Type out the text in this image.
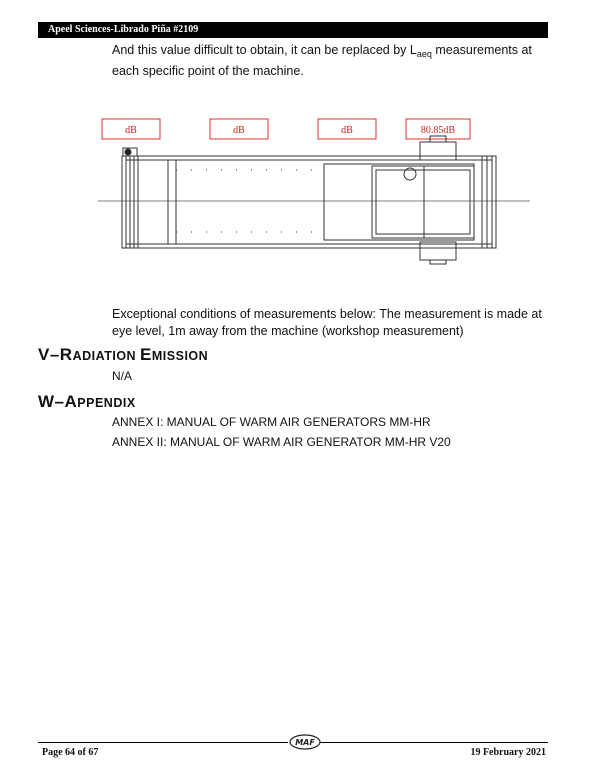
Apeel Sciences-Librado Piña #2109
And this value difficult to obtain, it can be replaced by $L_{aeq}$ measurements at each specific point of the machine.
dB	dB	dB	80.85dB
Exceptional conditions of measurements below: The measurement is made at eye level, 1m away from the machine (workshop measurement)
V–RADIATION EMISSION
N/A
W–APPENDIX
ANNEX I: MANUAL OF WARM AIR GENERATORS MM-HR
ANNEX II: MANUAL OF WARM AIR GENERATOR MM-HR V20
MAF
Page 64 of 67	19 February 2021
